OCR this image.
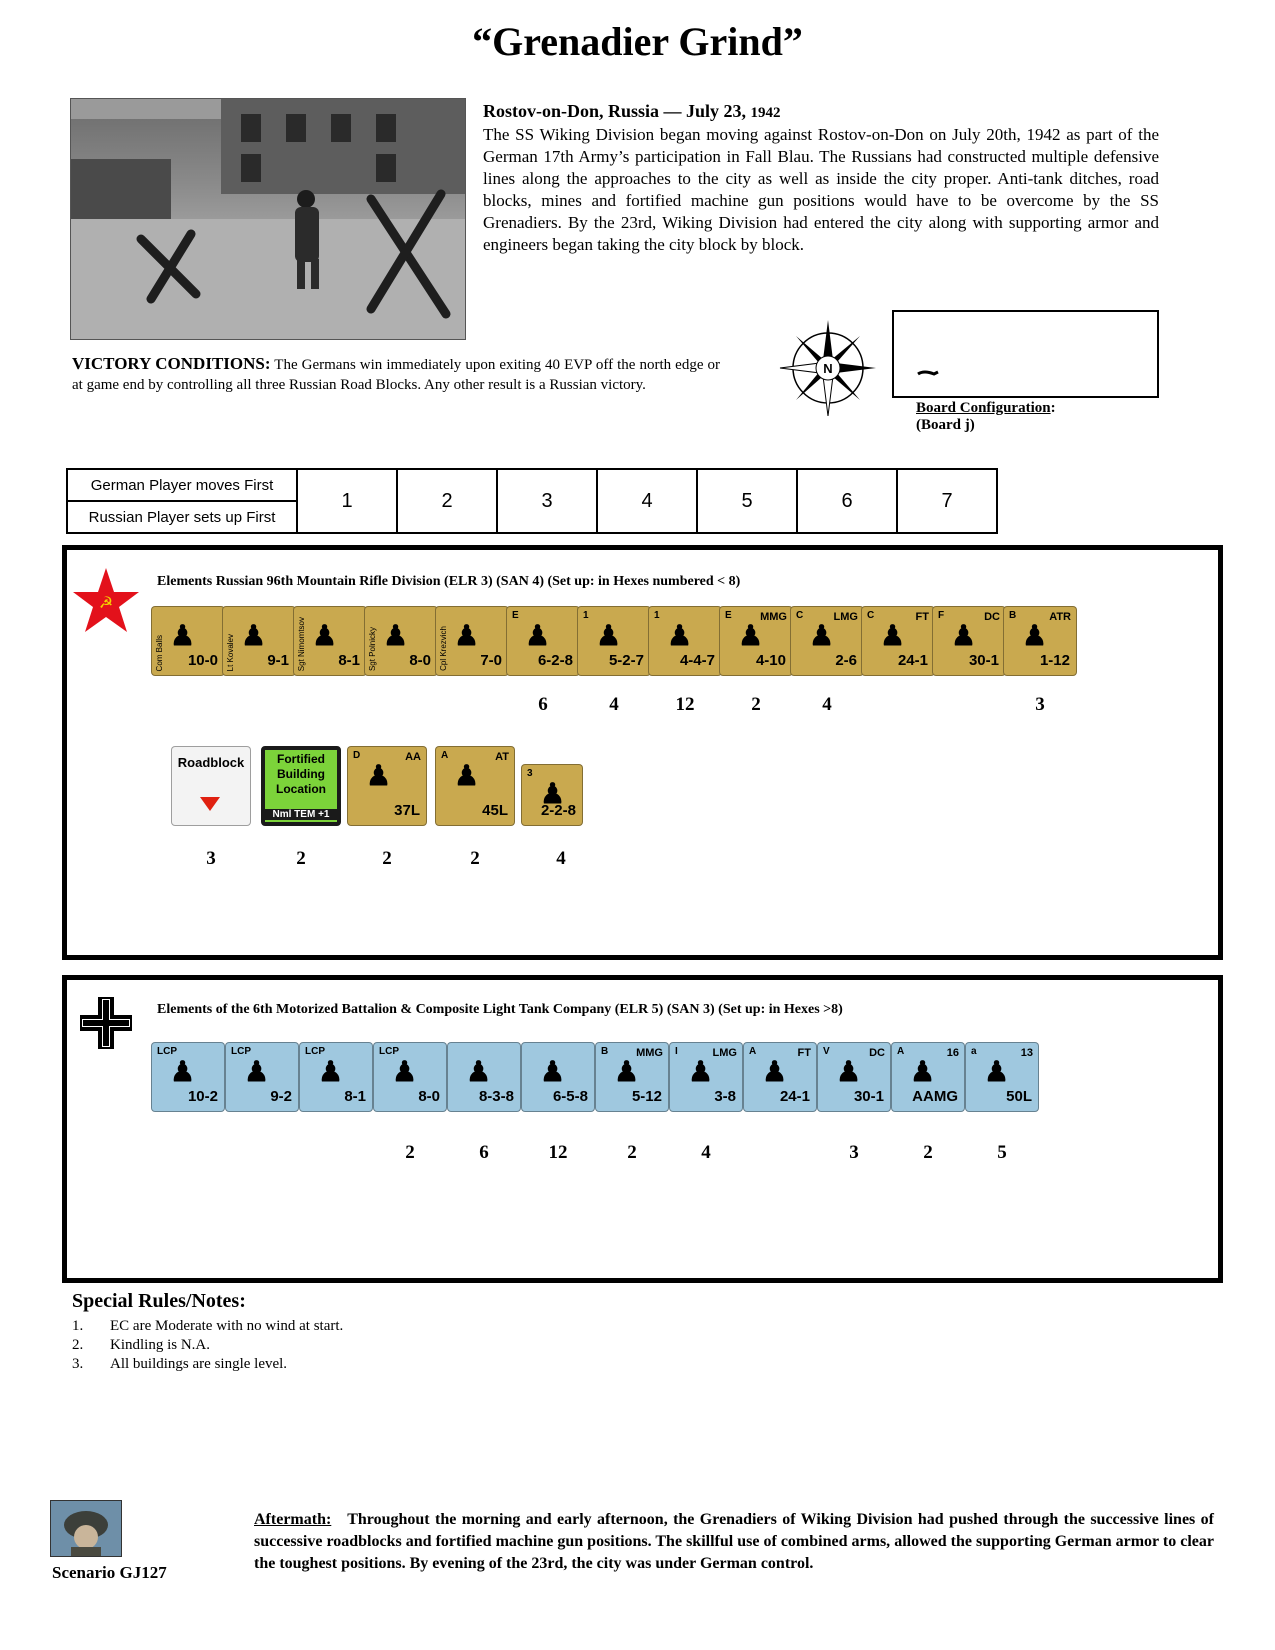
“Grenadier Grind”
Rostov-on-Don, Russia — July 23, 1942
The SS Wiking Division began moving against Rostov-on-Don on July 20th, 1942 as part of the German 17th Army’s participation in Fall Blau. The Russians had constructed multiple defensive lines along the approaches to the city as well as inside the city proper. Anti-tank ditches, road blocks, mines and fortified machine gun positions would have to be overcome by the SS Grenadiers. By the 23rd, Wiking Division had entered the city along with supporting armor and engineers began taking the city block by block.
VICTORY CONDITIONS: The Germans win immediately upon exiting 40 EVP off the north edge or at game end by controlling all three Russian Road Blocks. Any other result is a Russian victory.
N
Board Configuration:
(Board j)
German Player moves First	1	2	3	4	5	6	7
Russian Player sets up First
☭
Elements Russian 96th Mountain Rifle Division (ELR 3) (SAN 4) (Set up: in Hexes numbered < 8)
Com Balls ♟
10-0 Lt Kovalev ♟
9-1 Sgt Nimomtsov ♟
8-1 Sgt Polnicky ♟
8-0 Cpl Krezvich ♟
7-0
♟
E
6-2-8
6
♟
1
5-2-7
4
♟
1
4-4-7
12
♟
E	MMG
4-10
2
♟
C	LMG
2-6
4
♟
C	FT
24-1
♟
F	DC
30-1
♟
B	ATR
1-12
3
Roadblock
3
Fortified Building Location
Nml TEM +1
2
♟
D	AA
37L
2
♟
A	AT
45L
2
♟
3
2-2-8
4
Elements of the 6th Motorized Battalion & Composite Light Tank Company (ELR 5) (SAN 3) (Set up: in Hexes >8)
♟
LCP
10-2
♟
LCP
9-2
♟
LCP
8-1
♟
LCP
8-0
2
♟
8-3-8
6
♟
6-5-8
12
♟
B	MMG
5-12
2
♟
I	LMG
3-8
4
♟
A	FT
24-1
♟
V	DC
30-1
3
♟
A	16
AAMG
2
♟
a	13
50L
5
Special Rules/Notes:
1. EC are Moderate with no wind at start.
2. Kindling is N.A.
3. All buildings are single level.
Scenario GJ127
Aftermath: Throughout the morning and early afternoon, the Grenadiers of Wiking Division had pushed through the successive lines of successive roadblocks and fortified machine gun positions. The skillful use of combined arms, allowed the supporting German armor to clear the toughest positions. By evening of the 23rd, the city was under German control.
